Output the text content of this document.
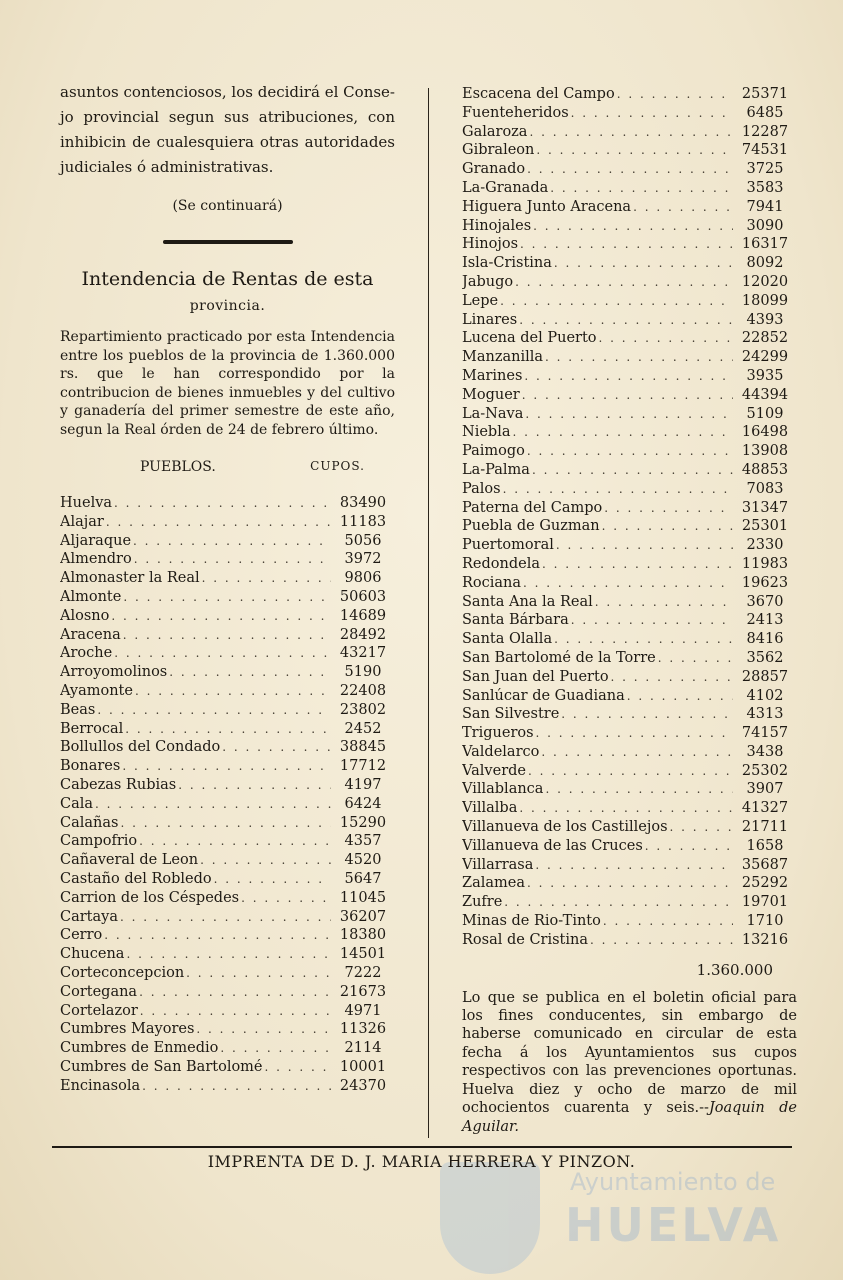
asuntos contenciosos, los decidirá el Conse-jo provincial segun sus atribuciones, con inhibicin de cualesquiera otras autoridades judiciales ó administrativas.

(Se continuará)

Intendencia de Rentas de esta

provincia.

Repartimiento practicado por esta Intendencia entre los pueblos de la provincia de 1.360.000 rs. que le han correspondido por la contribucion de bienes inmuebles y del cultivo y ganadería del primer semestre de este año, segun la Real órden de 24 de febrero último.

PUEBLOS.	CUPOS.
Huelva . . .	83490
Alajar . . .	11183
Aljaraque . . .	5056
Almendro . . .	3972
Almonaster la Real . . .	9806
Almonte . . .	50603
Alosno . . .	14689
Aracena . . .	28492
Aroche . . .	43217
Arroyomolinos . . .	5190
Ayamonte . . .	22408
Beas . . .	23802
Berrocal . . .	2452
Bollullos del Condado . . .	38845
Bonares . . .	17712
Cabezas Rubias . . .	4197
Cala . . .	6424
Calañas . . .	15290
Campofrio . . .	4357
Cañaveral de Leon . . .	4520
Castaño del Robledo . . .	5647
Carrion de los Céspedes . . .	11045
Cartaya . . .	36207
Cerro . . .	18380
Chucena . . .	14501
Corteconcepcion . . .	7222
Cortegana . . .	21673
Cortelazor . . .	4971
Cumbres Mayores . . .	11326
Cumbres de Enmedio . . .	2114
Cumbres de San Bartolomé . . .	10001
Encinasola . . .	24370
Escacena del Campo . . .	25371
Fuenteheridos . . .	6485
Galaroza . . .	12287
Gibraleon . . .	74531
Granado . . .	3725
La-Granada . . .	3583
Higuera Junto Aracena . . .	7941
Hinojales . . .	3090
Hinojos . . .	16317
Isla-Cristina . . .	8092
Jabugo . . .	12020
Lepe . . .	18099
Linares . . .	4393
Lucena del Puerto . . .	22852
Manzanilla . . .	24299
Marines . . .	3935
Moguer . . .	44394
La-Nava . . .	5109
Niebla . . .	16498
Paimogo . . .	13908
La-Palma . . .	48853
Palos . . .	7083
Paterna del Campo . . .	31347
Puebla de Guzman . . .	25301
Puertomoral . . .	2330
Redondela . . .	11983
Rociana . . .	19623
Santa Ana la Real . . .	3670
Santa Bárbara . . .	2413
Santa Olalla . . .	8416
San Bartolomé de la Torre . . .	3562
San Juan del Puerto . . .	28857
Sanlúcar de Guadiana . . .	4102
San Silvestre . . .	4313
Trigueros . . .	74157
Valdelarco . . .	3438
Valverde . . .	25302
Villablanca . . .	3907
Villalba . . .	41327
Villanueva de los Castillejos . . .	21711
Villanueva de las Cruces . . .	1658
Villarrasa . . .	35687
Zalamea . . .	25292
Zufre . . .	19701
Minas de Rio-Tinto . . .	1710
Rosal de Cristina . . .	13216
1.360.000

Lo que se publica en el boletin oficial para los fines conducentes, sin embargo de haberse comunicado en circular de esta fecha á los Ayuntamientos sus cupos respectivos con las prevenciones oportunas. Huelva diez y ocho de marzo de mil ochocientos cuarenta y seis.--Joaquin de Aguilar.

Ayuntamiento de
HUELVA
IMPRENTA DE D. J. MARIA HERRERA Y PINZON.
